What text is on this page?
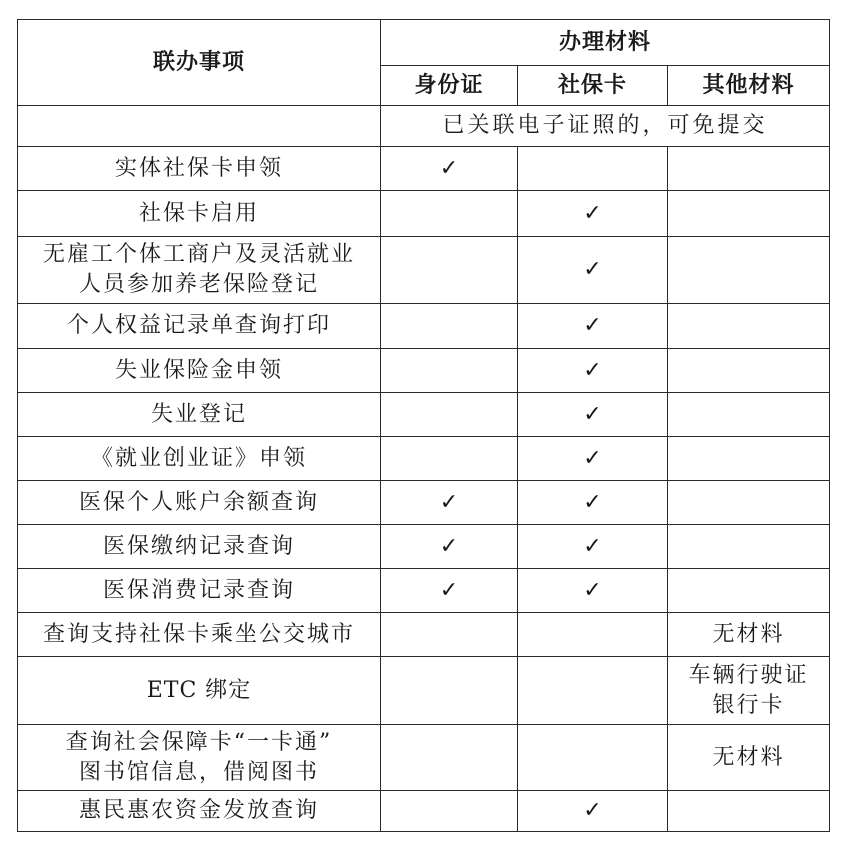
联办事项	办理材料		
	身份证	社保卡	其他材料
	已关联电子证照的，可免提交		
实体社保卡申领	✓		
社保卡启用		✓	

无雇工个体工商户及灵活就业
人员参加养老保险登记		✓	
个人权益记录单查询打印		✓	
失业保险金申领		✓	
失业登记		✓	
《就业创业证》申领		✓	
医保个人账户余额查询	✓	✓	
医保缴纳记录查询	✓	✓	
医保消费记录查询	✓	✓	
查询支持社保卡乘坐公交城市			无材料
ETC 绑定			车辆行驶证
银行卡

查询社会保障卡“一卡通”
图书馆信息，借阅图书			无材料
惠民惠农资金发放查询		✓	
